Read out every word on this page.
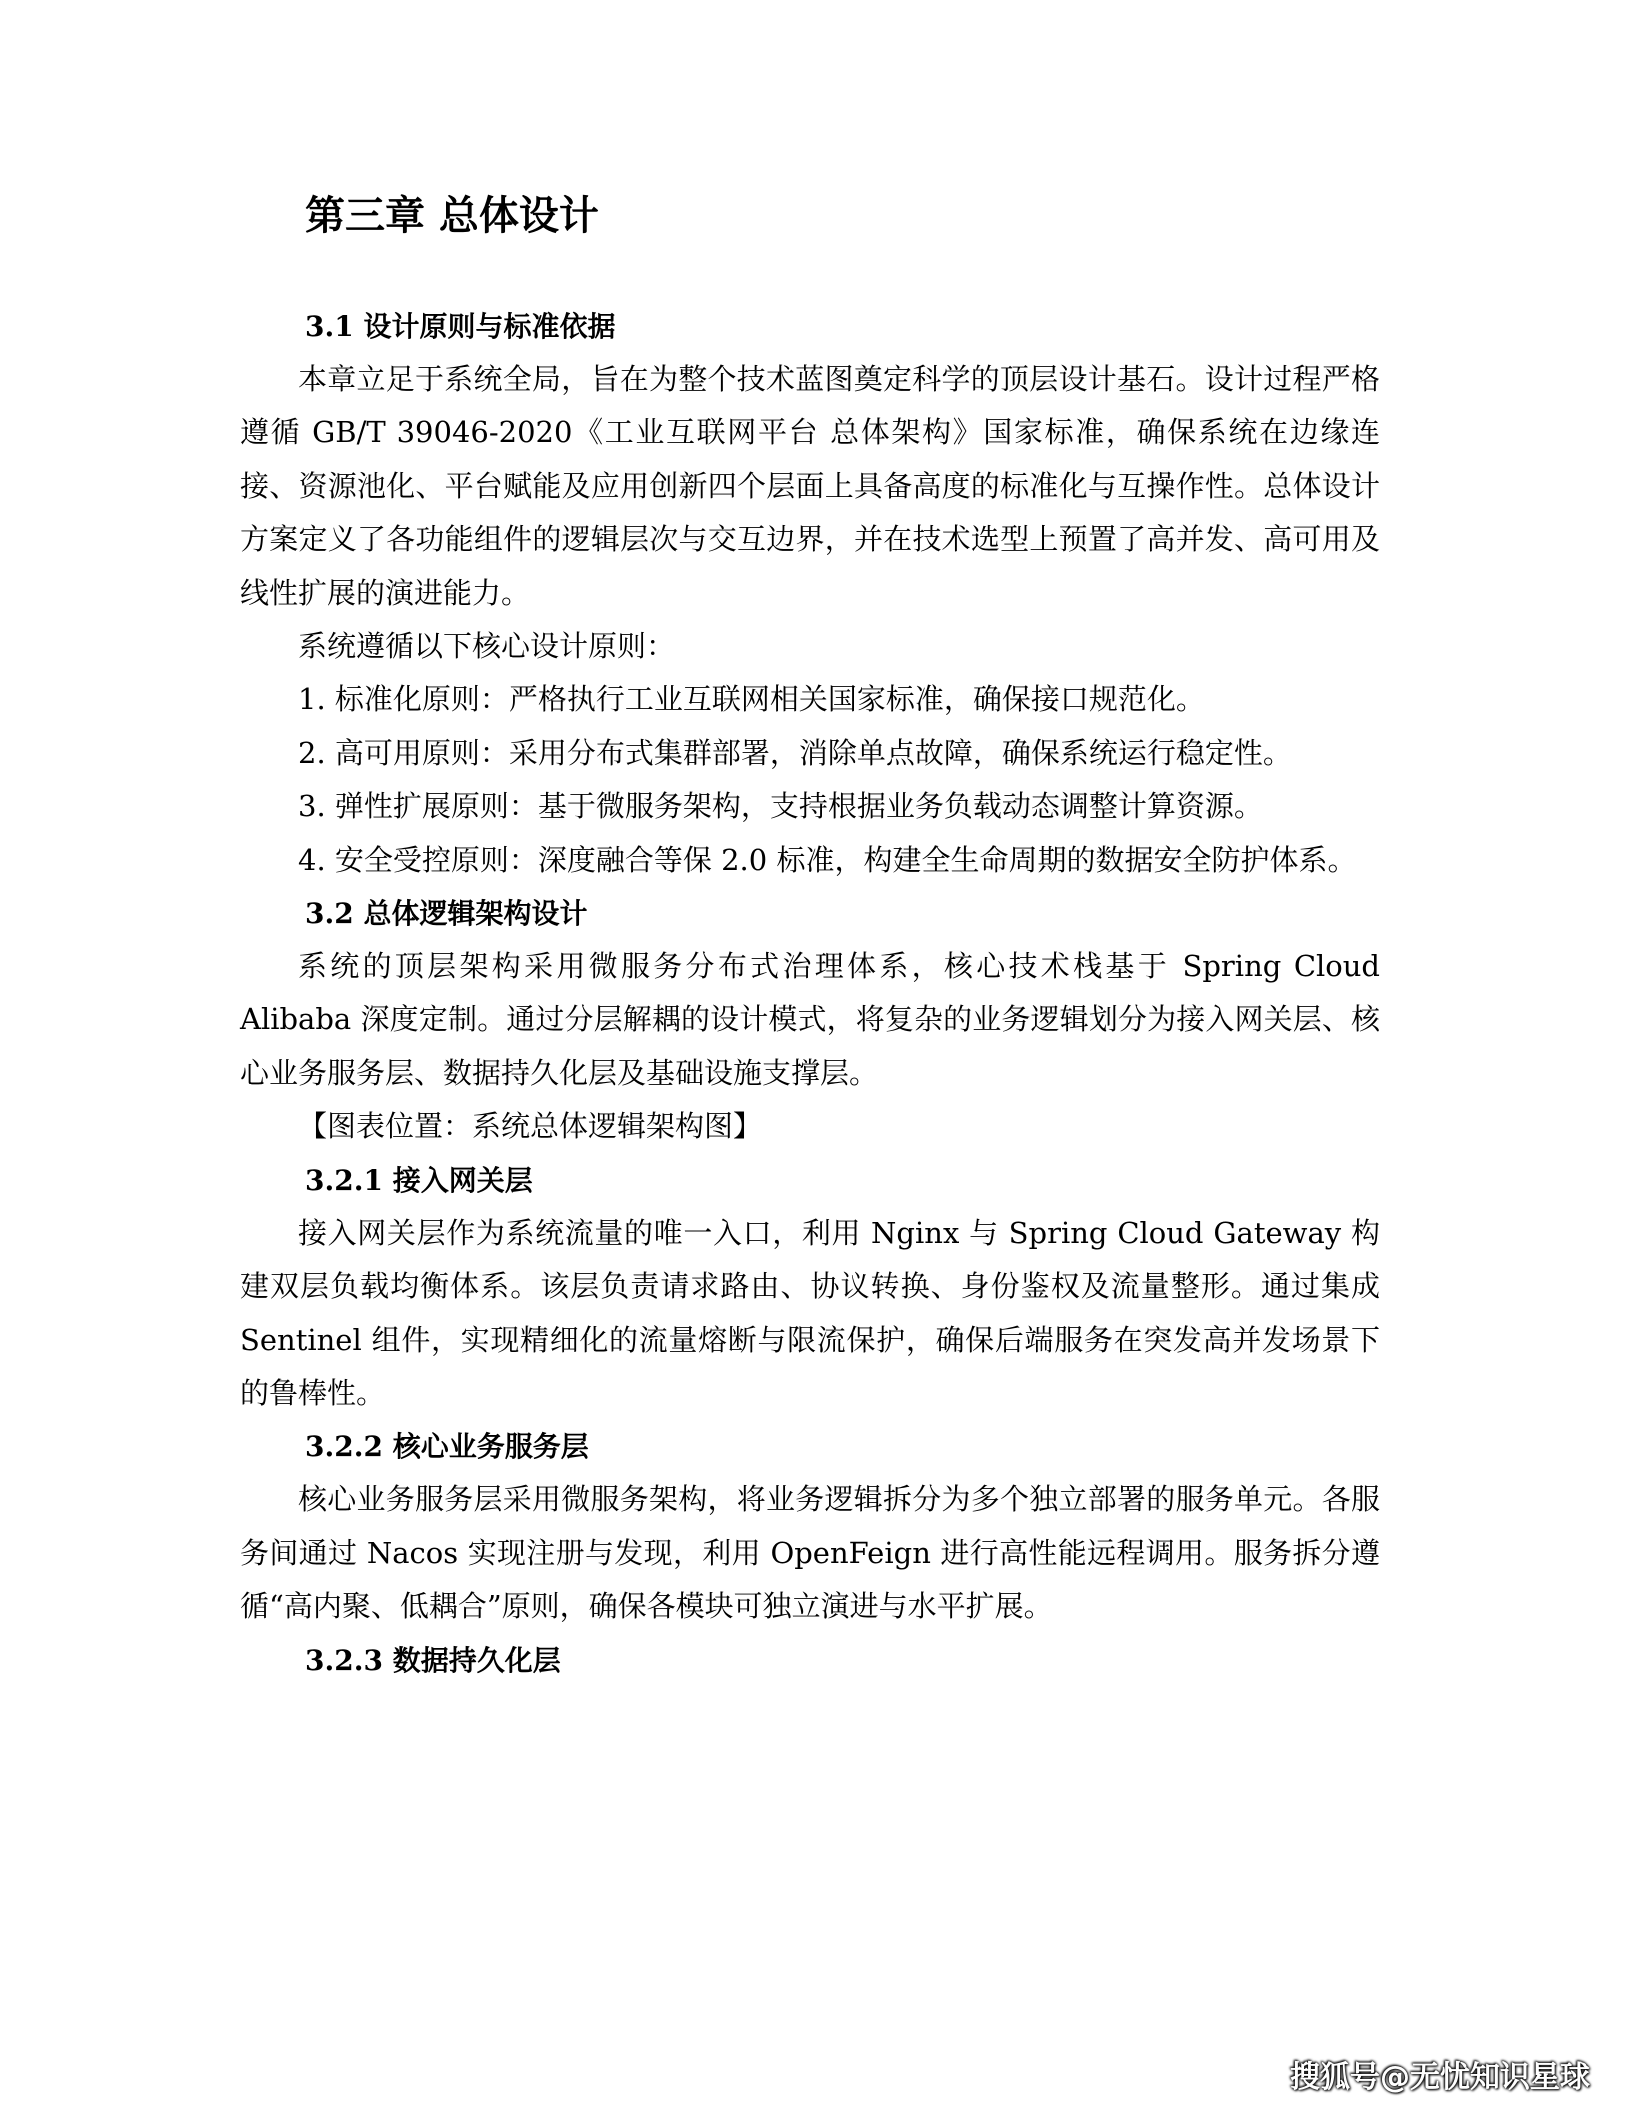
第三章 总体设计
3.1 设计原则与标准依据

本章立足于系统全局，旨在为整个技术蓝图奠定科学的顶层设计基石。设计过程严格遵循 GB/T 39046-2020《工业互联网平台 总体架构》国家标准，确保系统在边缘连接、资源池化、平台赋能及应用创新四个层面上具备高度的标准化与互操作性。总体设计方案定义了各功能组件的逻辑层次与交互边界，并在技术选型上预置了高并发、高可用及线性扩展的演进能力。

系统遵循以下核心设计原则：

1. 标准化原则：严格执行工业互联网相关国家标准，确保接口规范化。

2. 高可用原则：采用分布式集群部署，消除单点故障，确保系统运行稳定性。

3. 弹性扩展原则：基于微服务架构，支持根据业务负载动态调整计算资源。

4. 安全受控原则：深度融合等保 2.0 标准，构建全生命周期的数据安全防护体系。

3.2 总体逻辑架构设计

系统的顶层架构采用微服务分布式治理体系，核心技术栈基于 Spring Cloud Alibaba 深度定制。通过分层解耦的设计模式，将复杂的业务逻辑划分为接入网关层、核心业务服务层、数据持久化层及基础设施支撑层。

【图表位置：系统总体逻辑架构图】

3.2.1 接入网关层

接入网关层作为系统流量的唯一入口，利用 Nginx 与 Spring Cloud Gateway 构建双层负载均衡体系。该层负责请求路由、协议转换、身份鉴权及流量整形。通过集成 Sentinel 组件，实现精细化的流量熔断与限流保护，确保后端服务在突发高并发场景下的鲁棒性。

3.2.2 核心业务服务层

核心业务服务层采用微服务架构，将业务逻辑拆分为多个独立部署的服务单元。各服务间通过 Nacos 实现注册与发现，利用 OpenFeign 进行高性能远程调用。服务拆分遵循“高内聚、低耦合”原则，确保各模块可独立演进与水平扩展。

3.2.3 数据持久化层
搜狐号@无忧知识星球
